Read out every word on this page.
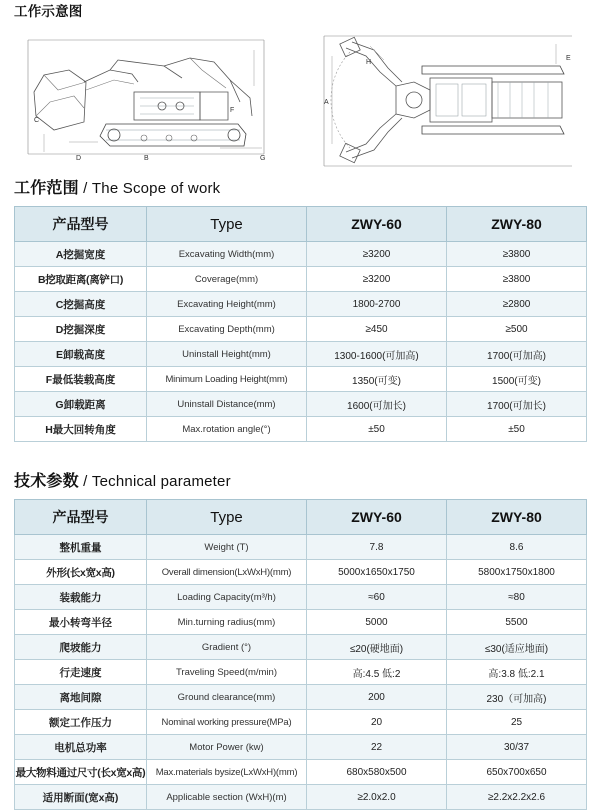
工作示意图
C
D	B
F
G
H
A
E
工作范围 / The Scope of work
产品型号	Type	ZWY-60	ZWY-80
A挖掘宽度	Excavating Width(mm)	≥3200	≥3800
B挖取距离(离铲口)	Coverage(mm)	≥3200	≥3800
C挖掘高度	Excavating Height(mm)	1800-2700	≥2800
D挖掘深度	Excavating Depth(mm)	≥450	≥500
E卸载高度	Uninstall Height(mm)	1300-1600(可加高)	1700(可加高)
F最低装载高度	Minimum Loading Height(mm)	1350(可变)	1500(可变)
G卸载距离	Uninstall Distance(mm)	1600(可加长)	1700(可加长)
H最大回转角度	Max.rotation angle(°)	±50	±50
技术参数 / Technical parameter
产品型号	Type	ZWY-60	ZWY-80
整机重量	Weight (T)	7.8	8.6
外形(长x宽x高)	Overall dimension(LxWxH)(mm)	5000x1650x1750	5800x1750x1800
装载能力	Loading Capacity(m³/h)	≈60	≈80
最小转弯半径	Min.turning radius(mm)	5000	5500
爬坡能力	Gradient (°)	≤20(硬地面)	≤30(适应地面)
行走速度	Traveling Speed(m/min)	高:4.5 低:2	高:3.8 低:2.1
离地间隙	Ground clearance(mm)	200	230（可加高)
额定工作压力	Nominal working pressure(MPa)	20	25
电机总功率	Motor Power (kw)	22	30/37
最大物料通过尺寸(长x宽x高)	Max.materials bysize(LxWxH)(mm)	680x580x500	650x700x650
适用断面(宽x高)	Applicable section (WxH)(m)	≥2.0x2.0	≥2.2x2.2x2.6
